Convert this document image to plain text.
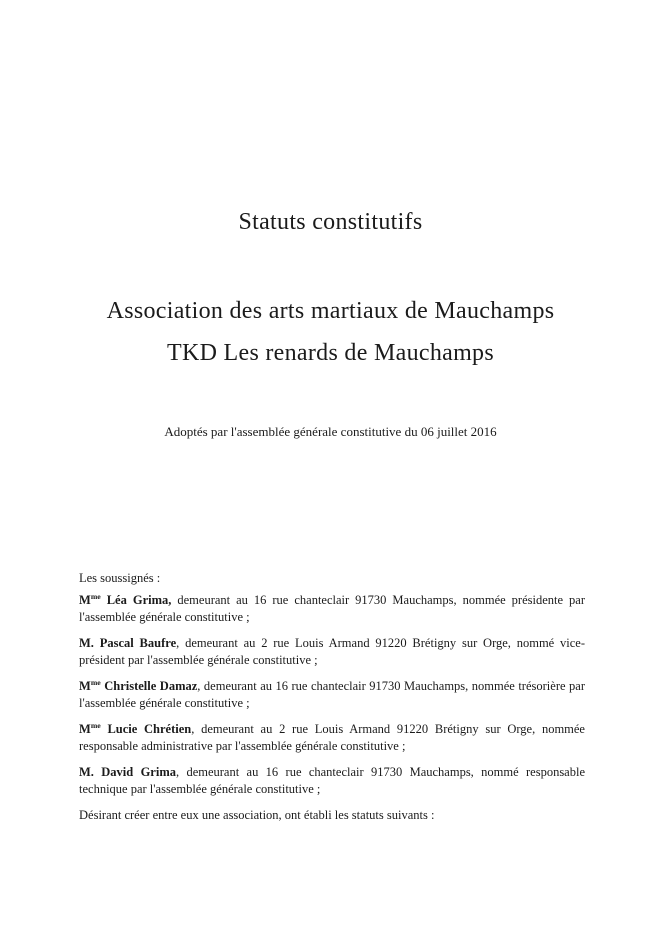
Statuts constitutifs
Association des arts martiaux de Mauchamps
TKD Les renards de Mauchamps
Adoptés par l'assemblée générale constitutive du 06 juillet 2016

Les soussignés :

$M^{me}$ Léa Grima, demeurant au 16 rue chanteclair 91730 Mauchamps, nommée présidente par l'assemblée générale constitutive ;

M. Pascal Baufre, demeurant au 2 rue Louis Armand 91220 Brétigny sur Orge, nommé vice-président par l'assemblée générale constitutive ;

$M^{me}$ Christelle Damaz, demeurant au 16 rue chanteclair 91730 Mauchamps, nommée trésorière par l'assemblée générale constitutive ;

$M^{me}$ Lucie Chrétien, demeurant au 2 rue Louis Armand 91220 Brétigny sur Orge, nommée responsable administrative par l'assemblée générale constitutive ;

M. David Grima, demeurant au 16 rue chanteclair 91730 Mauchamps, nommé responsable technique par l'assemblée générale constitutive ;

Désirant créer entre eux une association, ont établi les statuts suivants :
